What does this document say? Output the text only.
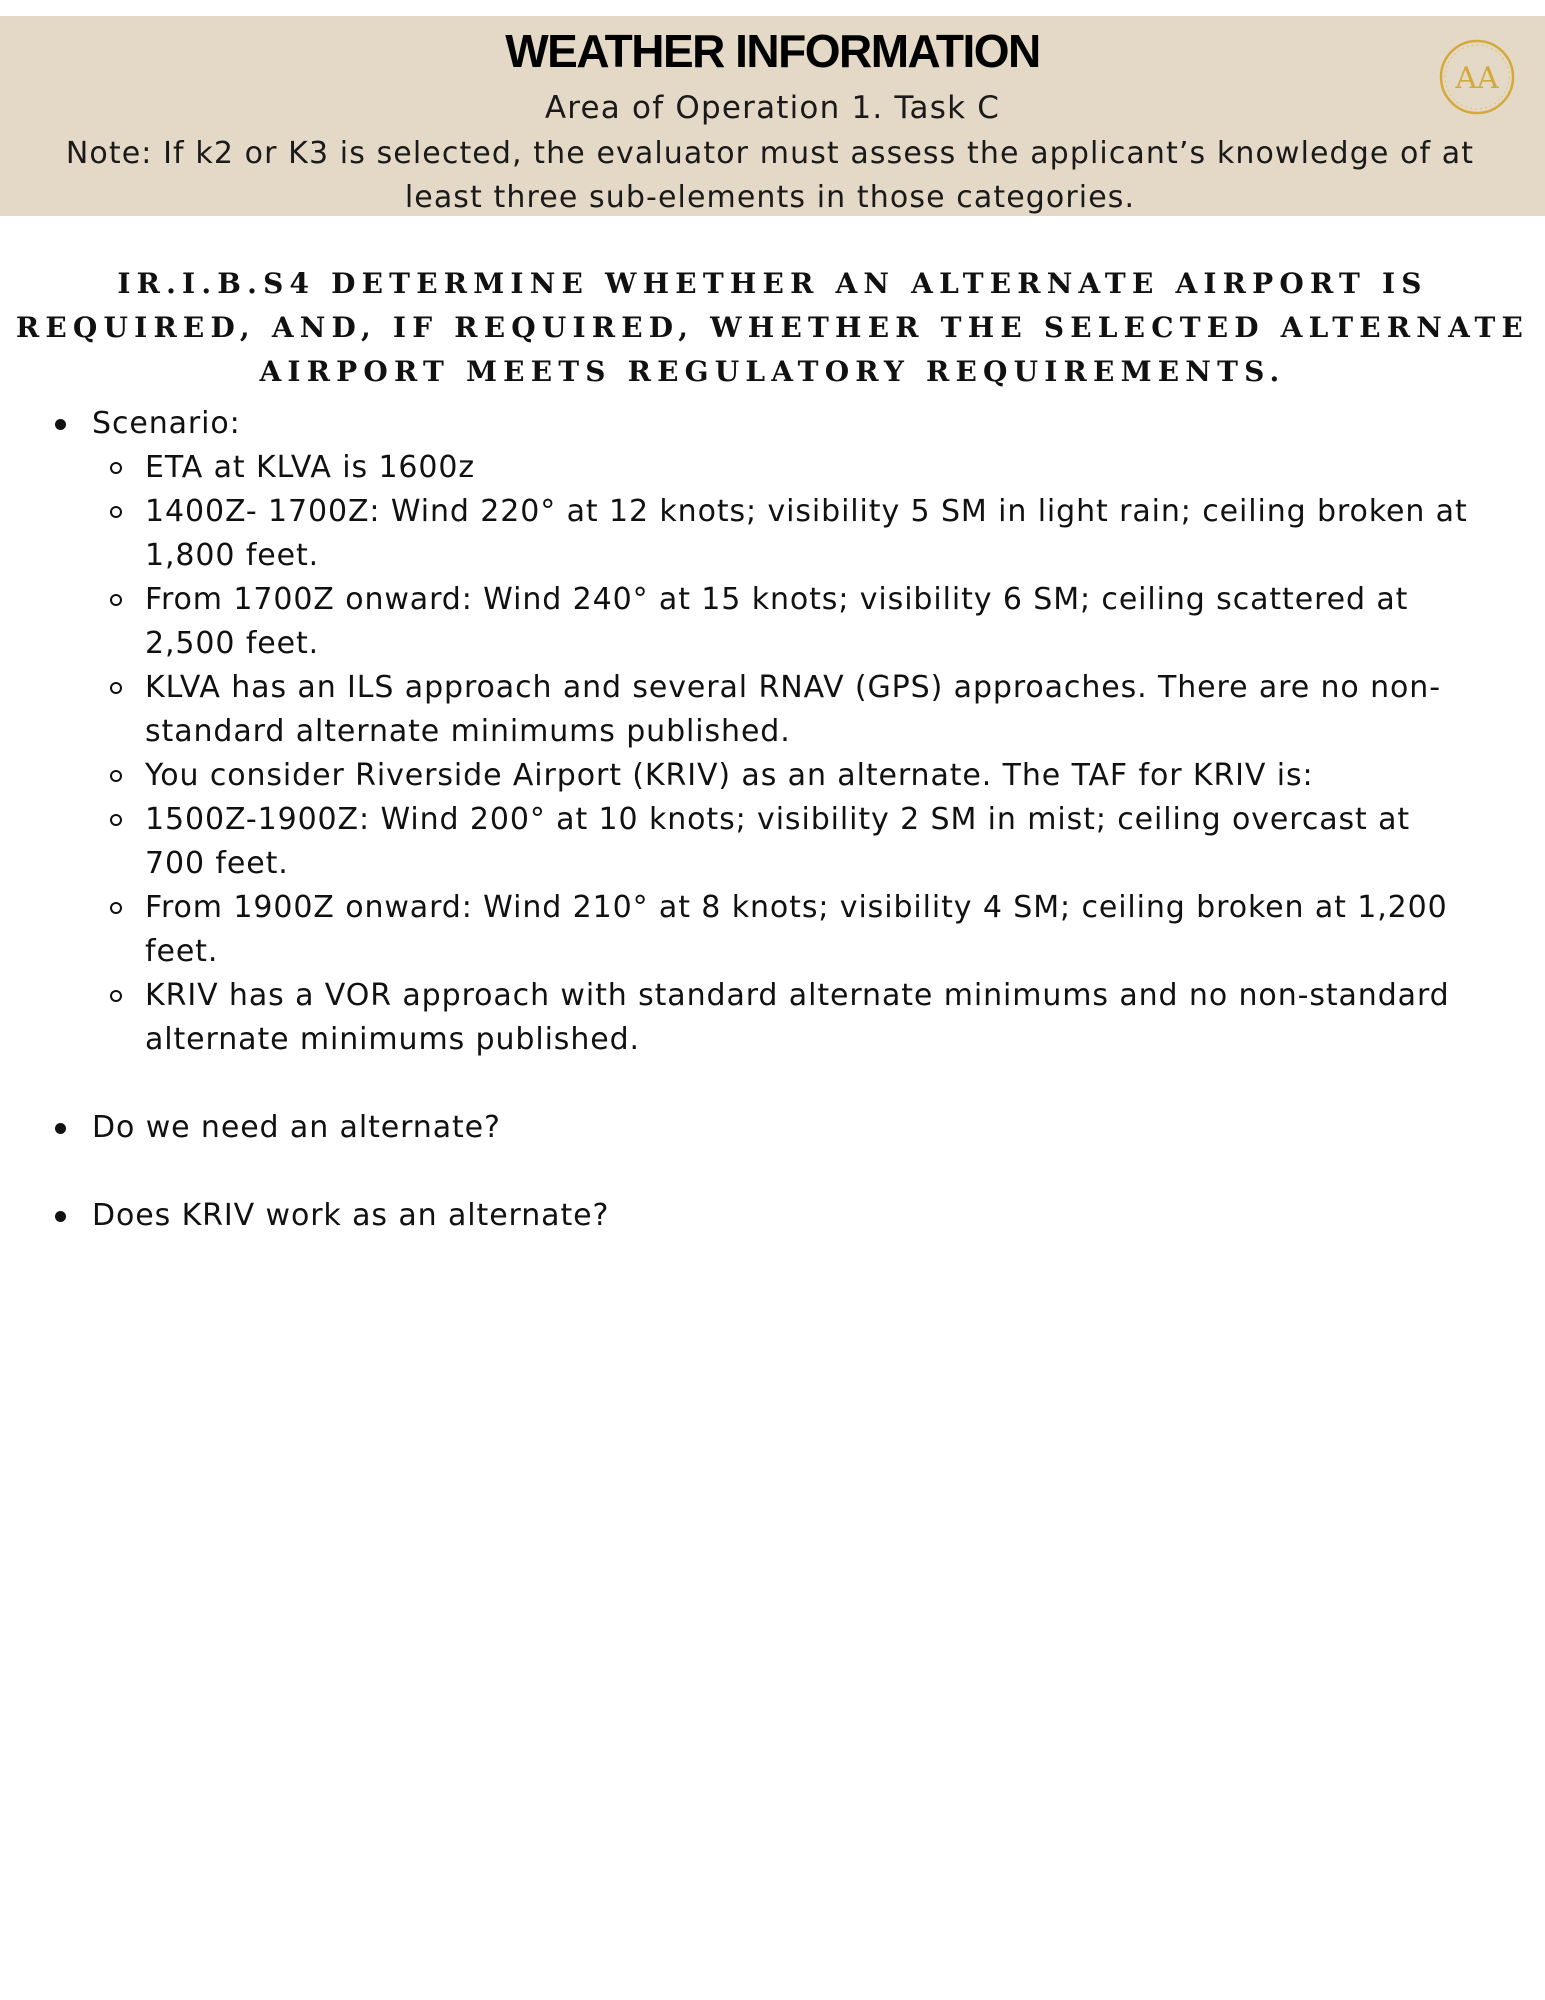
WEATHER INFORMATION

Area of Operation 1. Task C

Note: If k2 or K3 is selected, the evaluator must assess the applicant’s knowledge of at least three sub-elements in those categories.

AA
IR.I.B.S4 DETERMINE WHETHER AN ALTERNATE AIRPORT IS REQUIRED, AND, IF REQUIRED, WHETHER THE SELECTED ALTERNATE AIRPORT MEETS REGULATORY REQUIREMENTS.
Scenario:
ETA at KLVA is 1600z
1400Z- 1700Z: Wind 220° at 12 knots; visibility 5 SM in light rain; ceiling broken at 1,800 feet.
From 1700Z onward: Wind 240° at 15 knots; visibility 6 SM; ceiling scattered at 2,500 feet.
KLVA has an ILS approach and several RNAV (GPS) approaches. There are no non-standard alternate minimums published.
You consider Riverside Airport (KRIV) as an alternate. The TAF for KRIV is:
1500Z-1900Z: Wind 200° at 10 knots; visibility 2 SM in mist; ceiling overcast at 700 feet.
From 1900Z onward: Wind 210° at 8 knots; visibility 4 SM; ceiling broken at 1,200 feet.
KRIV has a VOR approach with standard alternate minimums and no non-standard alternate minimums published.
Do we need an alternate?
Does KRIV work as an alternate?
